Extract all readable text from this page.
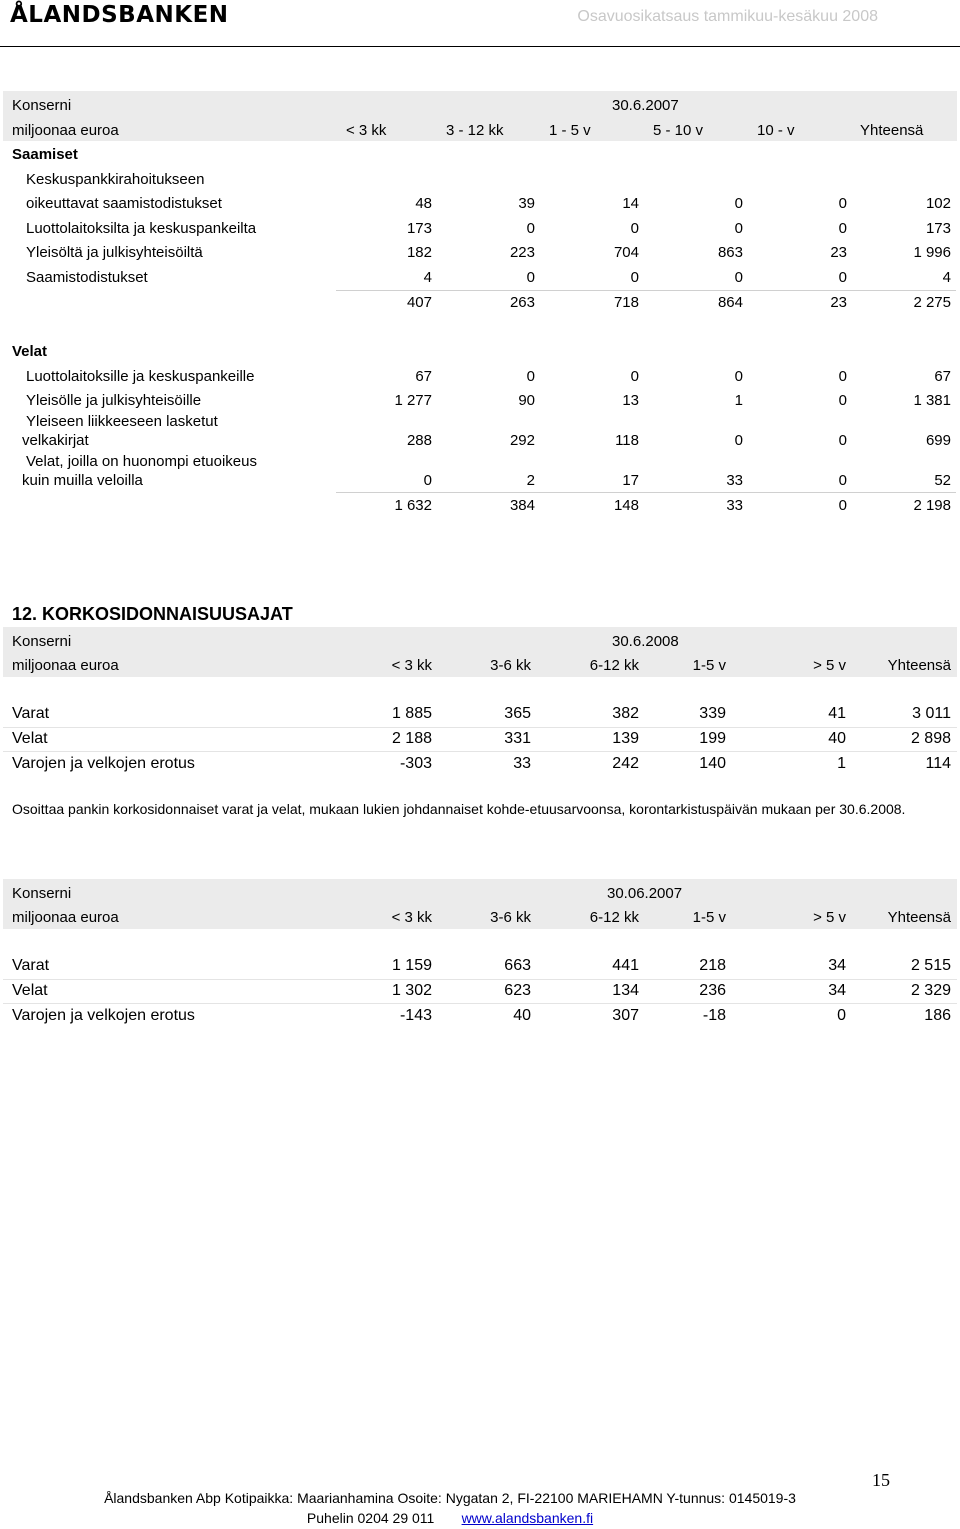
ÅLANDSBANKEN	Osavuosikatsaus tammikuu-kesäkuu 2008
Konserni	30.6.2007
miljoonaa euroa	< 3 kk	3 - 12 kk	1 - 5 v	5 - 10 v	10 - v	Yhteensä
Saamiset
Keskuspankkirahoitukseen
oikeuttavat saamistodistukset	48	39	14	0	0	102
Luottolaitoksilta ja keskuspankeilta	173	0	0	0	0	173
Yleisöltä ja julkisyhteisöiltä	182	223	704	863	23	1 996
Saamistodistukset	4	0	0	0	0	4
407	263	718	864	23	2 275
Velat
Luottolaitoksille ja keskuspankeille	67	0	0	0	0	67
Yleisölle ja julkisyhteisöille	1 277	90	13	1	0	1 381
Yleiseen liikkeeseen lasketut
velkakirjat	288	292	118	0	0	699
Velat, joilla on huonompi etuoikeus
kuin muilla veloilla	0	2	17	33	0	52
1 632	384	148	33	0	2 198
12. KORKOSIDONNAISUUSAJAT
Konserni	30.6.2008
miljoonaa euroa	< 3 kk	3-6 kk	6-12 kk	1-5 v	> 5 v	Yhteensä
Varat	1 885	365	382	339	41	3 011
Velat	2 188	331	139	199	40	2 898
Varojen ja velkojen erotus	-303	33	242	140	1	114
Osoittaa pankin korkosidonnaiset varat ja velat, mukaan lukien johdannaiset kohde-etuusarvoonsa, korontarkistuspäivän mukaan per 30.6.2008.
Konserni	30.06.2007
miljoonaa euroa	< 3 kk	3-6 kk	6-12 kk	1-5 v	> 5 v	Yhteensä
Varat	1 159	663	441	218	34	2 515
Velat	1 302	623	134	236	34	2 329
Varojen ja velkojen erotus	-143	40	307	-18	0	186
15
Ålandsbanken Abp Kotipaikka: Maarianhamina Osoite: Nygatan 2, FI-22100 MARIEHAMN Y-tunnus: 0145019-3
Puhelin 0204 29 011 www.alandsbanken.fi
